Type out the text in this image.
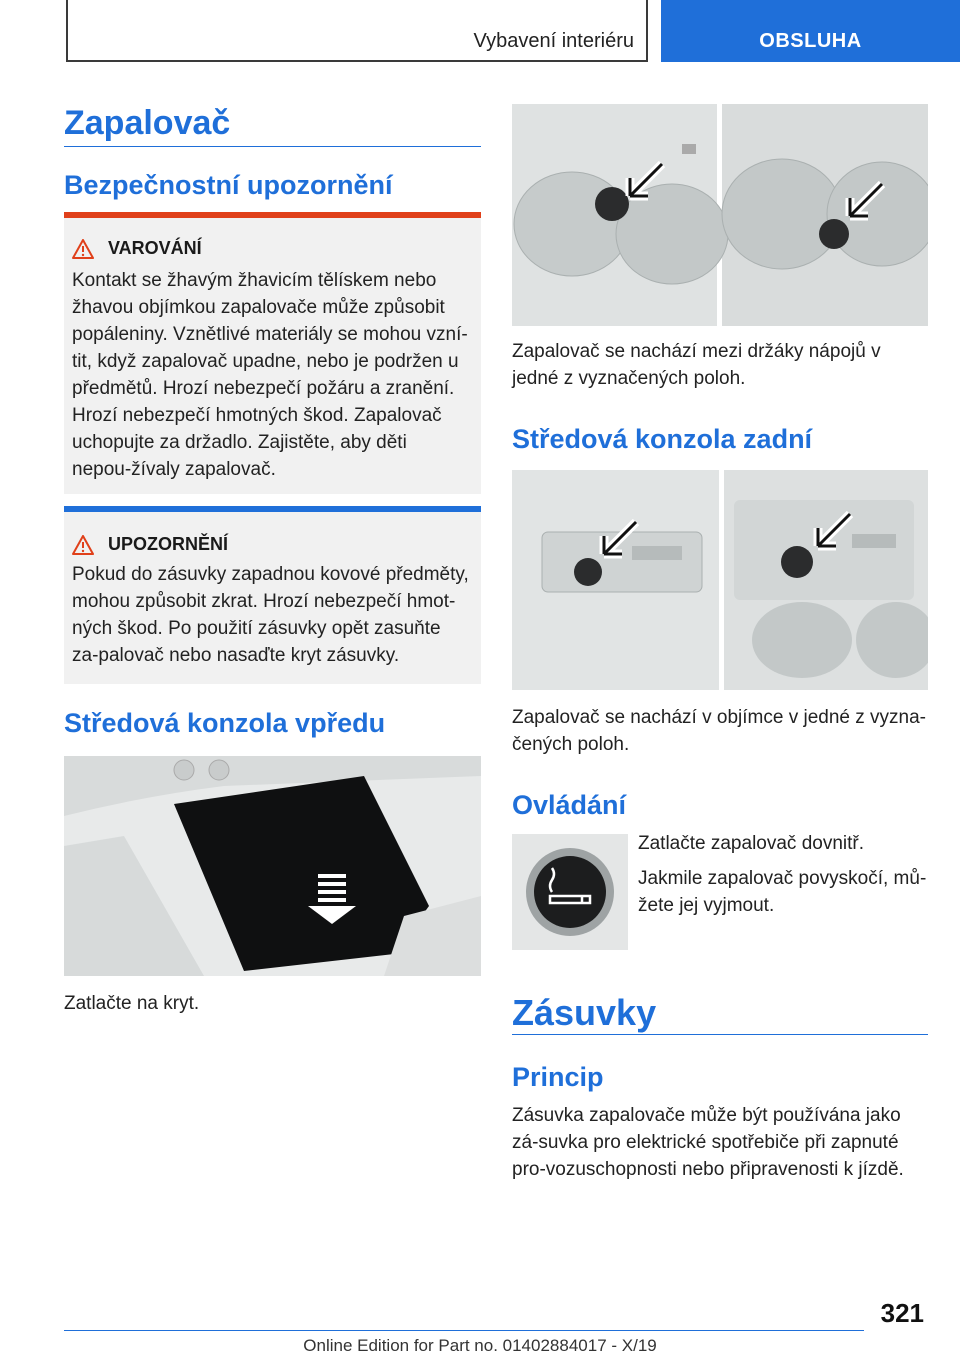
Vybavení interiéru	OBSLUHA
Zapalovač
Bezpečnostní upozornění
VAROVÁNÍ

Kontakt se žhavým žhavicím tělískem nebo žhavou objímkou zapalovače může způsobit popáleniny. Vznětlivé materiály se mohou vzní-tit, když zapalovač upadne, nebo je podržen u předmětů. Hrozí nebezpečí požáru a zranění. Hrozí nebezpečí hmotných škod. Zapalovač uchopujte za držadlo. Zajistěte, aby děti nepou-žívaly zapalovač.

UPOZORNĚNÍ

Pokud do zásuvky zapadnou kovové předměty, mohou způsobit zkrat. Hrozí nebezpečí hmot-ných škod. Po použití zásuvky opět zasuňte za-palovač nebo nasaďte kryt zásuvky.

Středová konzola vpředu

Zatlačte na kryt.

Zapalovač se nachází mezi držáky nápojů v jedné z vyznačených poloh.

Středová konzola zadní

Zapalovač se nachází v objímce v jedné z vyzna-čených poloh.

Ovládání

Zatlačte zapalovač dovnitř.

Jakmile zapalovač povyskočí, mů-žete jej vyjmout.

Zásuvky
Princip

Zásuvka zapalovače může být používána jako zá-suvka pro elektrické spotřebiče při zapnuté pro-vozuschopnosti nebo připravenosti k jízdě.

321
Online Edition for Part no. 01402884017 - X/19
